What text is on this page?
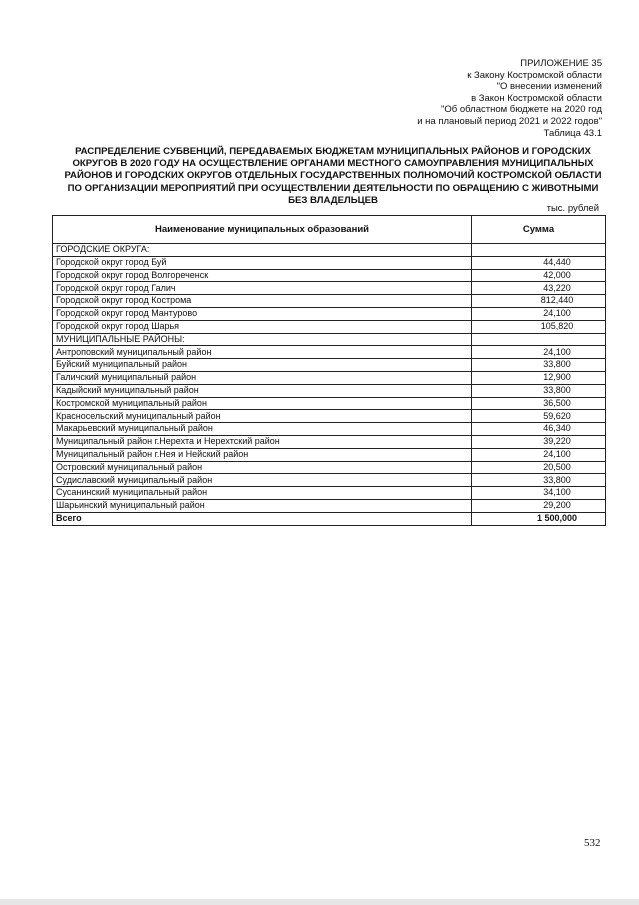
ПРИЛОЖЕНИЕ 35
к Закону Костромской области
"О внесении изменений
в Закон Костромской области
"Об областном бюджете на 2020 год
и на плановый период 2021 и 2022 годов"
Таблица 43.1
РАСПРЕДЕЛЕНИЕ СУБВЕНЦИЙ, ПЕРЕДАВАЕМЫХ БЮДЖЕТАМ МУНИЦИПАЛЬНЫХ РАЙОНОВ И ГОРОДСКИХ
ОКРУГОВ В 2020 ГОДУ НА ОСУЩЕСТВЛЕНИЕ ОРГАНАМИ МЕСТНОГО САМОУПРАВЛЕНИЯ МУНИЦИПАЛЬНЫХ
РАЙОНОВ И ГОРОДСКИХ ОКРУГОВ ОТДЕЛЬНЫХ ГОСУДАРСТВЕННЫХ ПОЛНОМОЧИЙ КОСТРОМСКОЙ ОБЛАСТИ
ПО ОРГАНИЗАЦИИ МЕРОПРИЯТИЙ ПРИ ОСУЩЕСТВЛЕНИИ ДЕЯТЕЛЬНОСТИ ПО ОБРАЩЕНИЮ С ЖИВОТНЫМИ
БЕЗ ВЛАДЕЛЬЦЕВ
тыс. рублей
Наименование муниципальных образований	Сумма
ГОРОДСКИЕ ОКРУГА:	
Городской округ город Буй	44,440
Городской округ город Волгореченск	42,000
Городской округ город Галич	43,220
Городской округ город Кострома	812,440
Городской округ город Мантурово	24,100
Городской округ город Шарья	105,820
МУНИЦИПАЛЬНЫЕ РАЙОНЫ:	
Антроповский муниципальный район	24,100
Буйский муниципальный район	33,800
Галичский муниципальный район	12,900
Кадыйский муниципальный район	33,800
Костромской муниципальный район	36,500
Красносельский муниципальный район	59,620
Макарьевский муниципальный район	46,340
Муниципальный район г.Нерехта и Нерехтский район	39,220
Муниципальный район г.Нея и Нейский район	24,100
Островский муниципальный район	20,500
Судиславский муниципальный район	33,800
Сусанинский муниципальный район	34,100
Шарьинский муниципальный район	29,200
Всего	1 500,000
532
